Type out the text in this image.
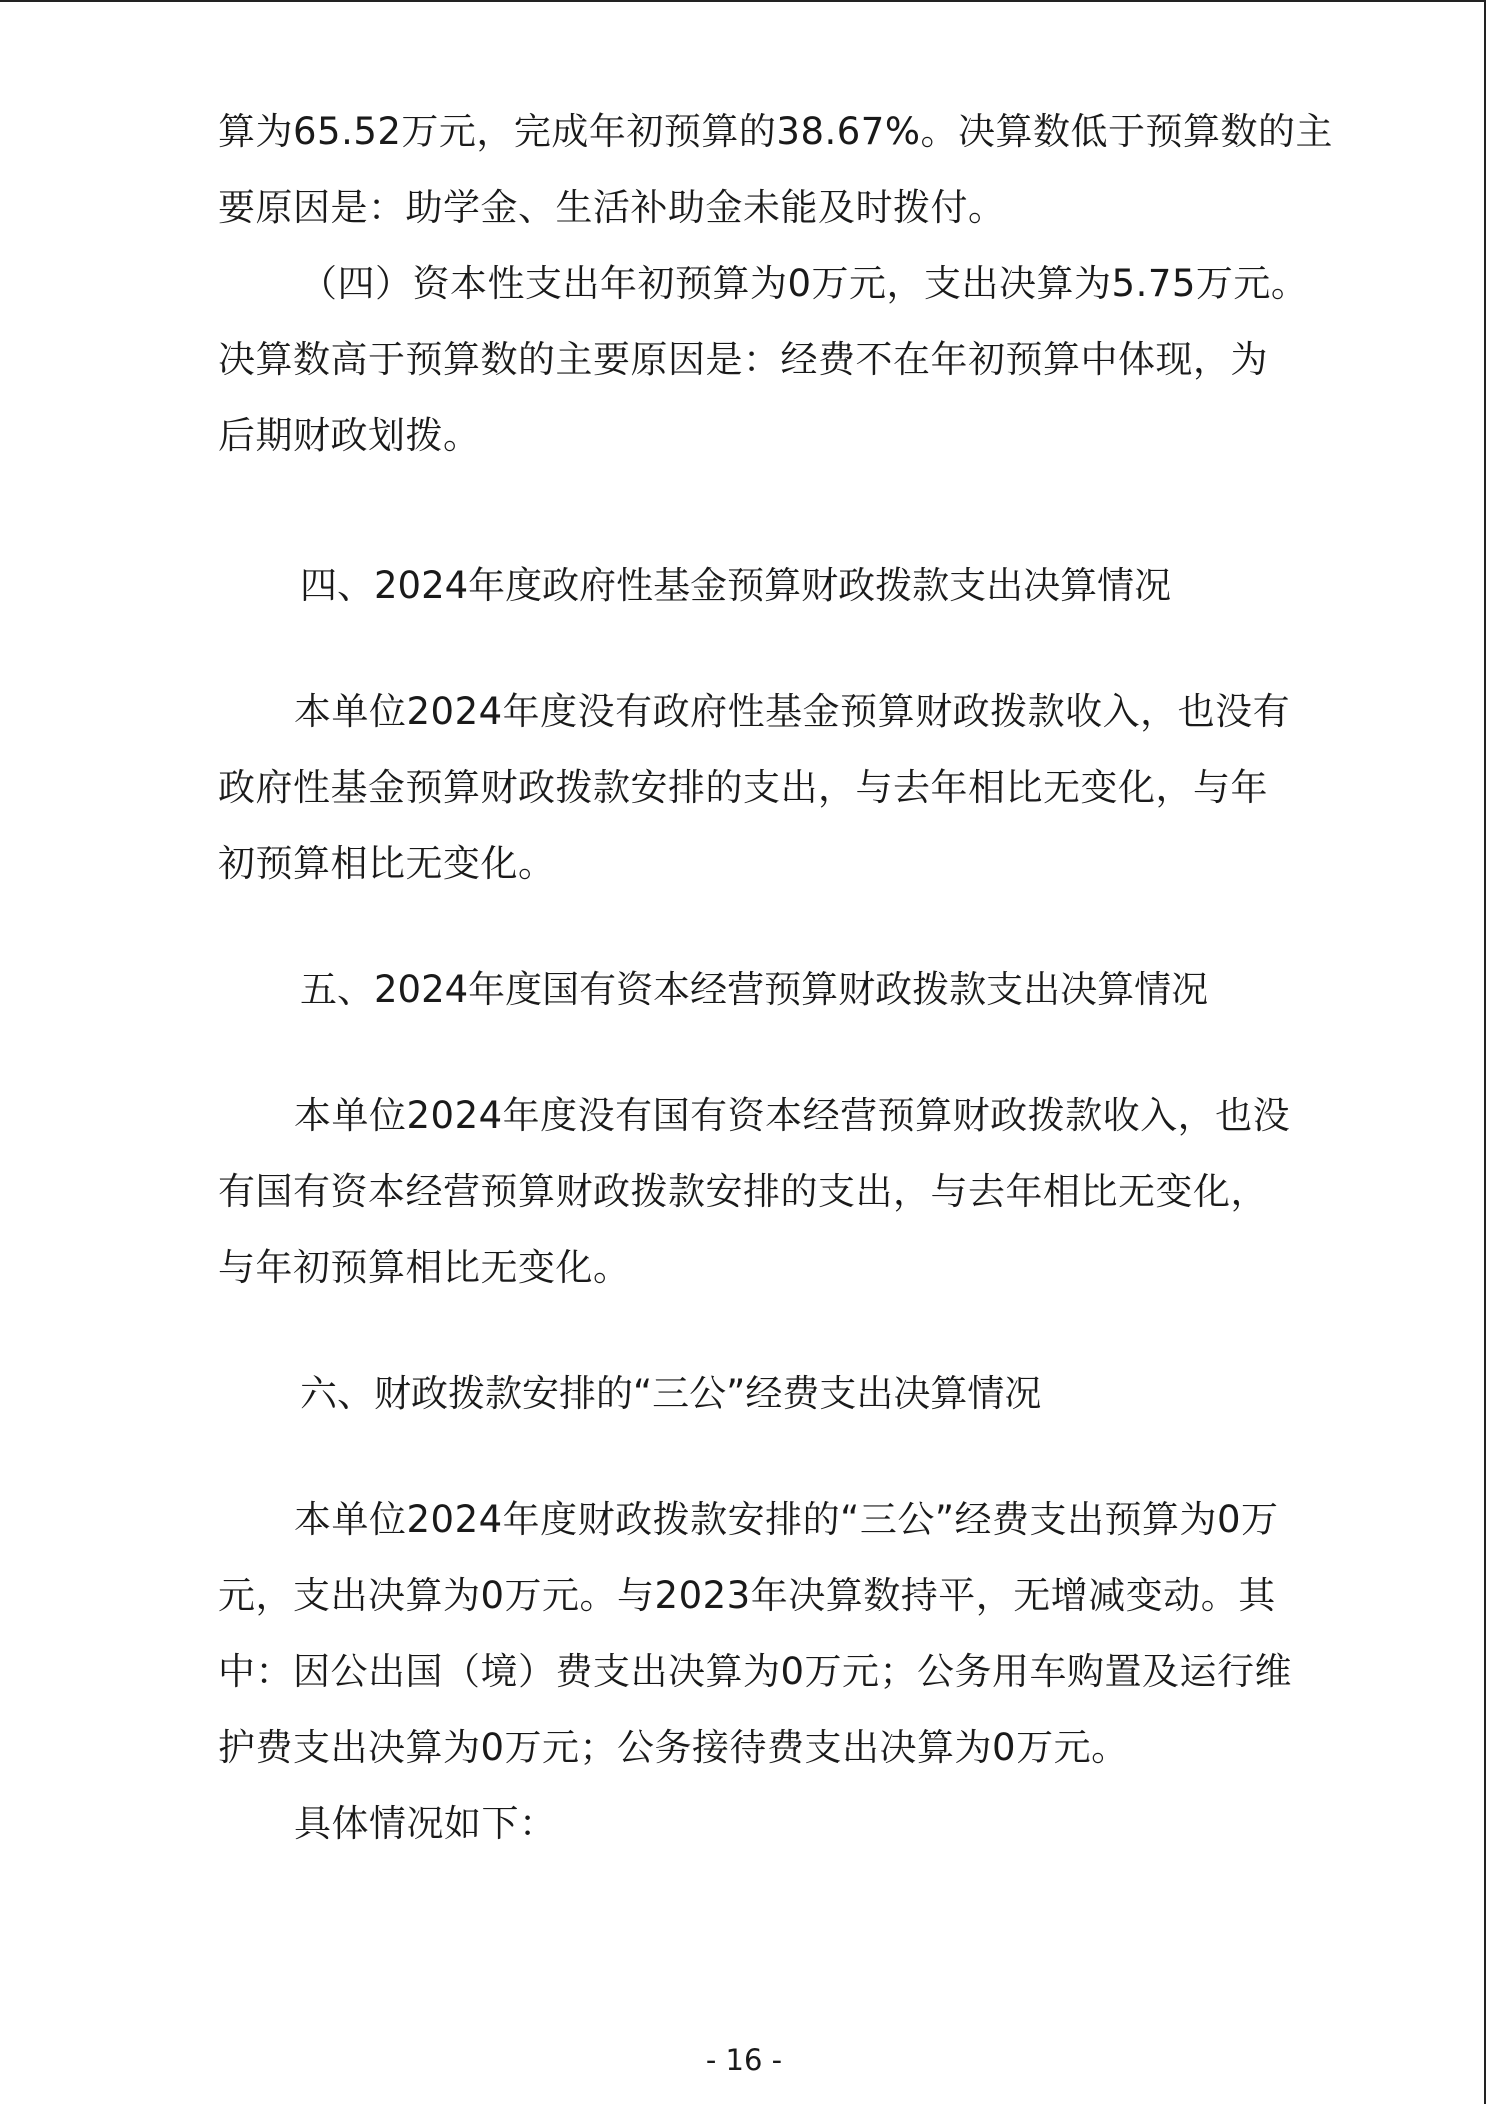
算为65.52万元，完成年初预算的38.67%。决算数低于预算数的主
要原因是：助学金、生活补助金未能及时拨付。
（四）资本性支出年初预算为0万元，支出决算为5.75万元。
决算数高于预算数的主要原因是：经费不在年初预算中体现，为
后期财政划拨。
四、2024年度政府性基金预算财政拨款支出决算情况
本单位2024年度没有政府性基金预算财政拨款收入，也没有
政府性基金预算财政拨款安排的支出，与去年相比无变化，与年
初预算相比无变化。
五、2024年度国有资本经营预算财政拨款支出决算情况
本单位2024年度没有国有资本经营预算财政拨款收入，也没
有国有资本经营预算财政拨款安排的支出，与去年相比无变化，
与年初预算相比无变化。
六、财政拨款安排的“三公”经费支出决算情况
本单位2024年度财政拨款安排的“三公”经费支出预算为0万
元，支出决算为0万元。与2023年决算数持平，无增减变动。其
中：因公出国（境）费支出决算为0万元；公务用车购置及运行维
护费支出决算为0万元；公务接待费支出决算为0万元。
具体情况如下：
- 16 -
